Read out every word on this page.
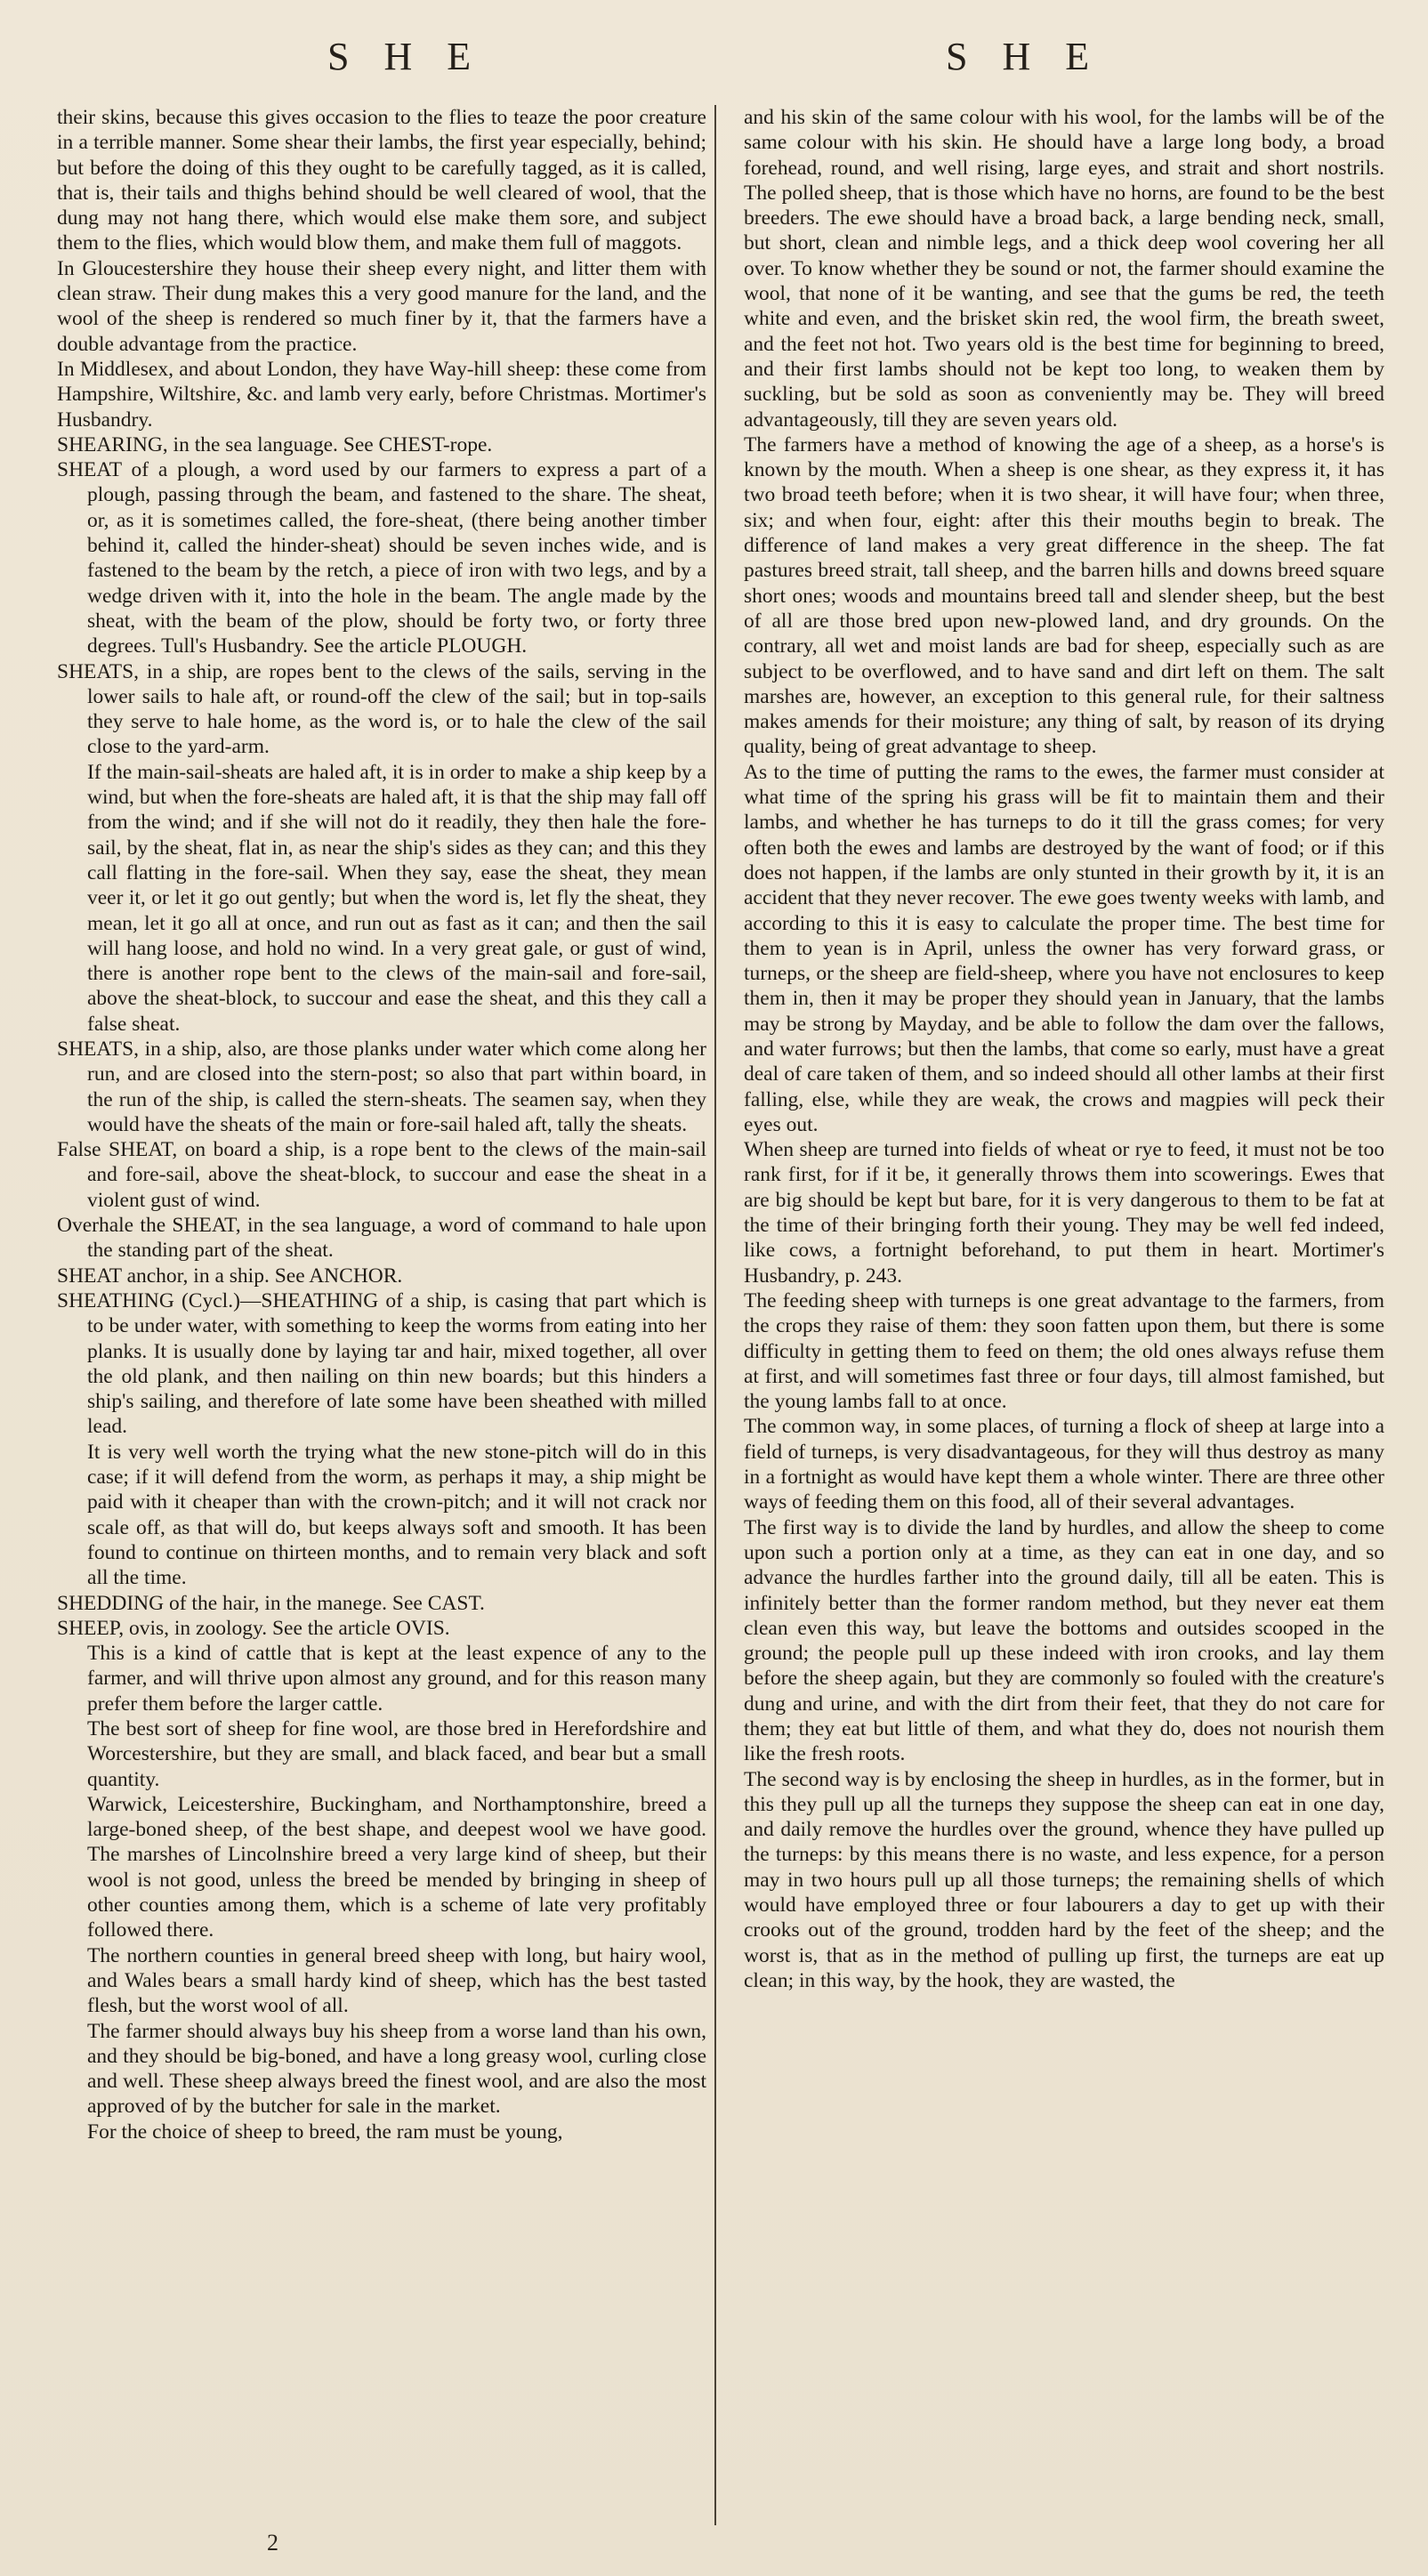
S H E	S H E

their skins, because this gives occasion to the flies to teaze the poor creature in a terrible manner. Some shear their lambs, the first year especially, behind; but before the doing of this they ought to be carefully tagged, as it is called, that is, their tails and thighs behind should be well cleared of wool, that the dung may not hang there, which would else make them sore, and subject them to the flies, which would blow them, and make them full of maggots.

In Gloucestershire they house their sheep every night, and litter them with clean straw. Their dung makes this a very good manure for the land, and the wool of the sheep is rendered so much finer by it, that the farmers have a double advantage from the practice.

In Middlesex, and about London, they have Way-hill sheep: these come from Hampshire, Wiltshire, &c. and lamb very early, before Christmas. Mortimer's Husbandry.

SHEARING, in the sea language. See CHEST-rope.

SHEAT of a plough, a word used by our farmers to express a part of a plough, passing through the beam, and fastened to the share. The sheat, or, as it is sometimes called, the fore-sheat, (there being another timber behind it, called the hinder-sheat) should be seven inches wide, and is fastened to the beam by the retch, a piece of iron with two legs, and by a wedge driven with it, into the hole in the beam. The angle made by the sheat, with the beam of the plow, should be forty two, or forty three degrees. Tull's Husbandry. See the article PLOUGH.

SHEATS, in a ship, are ropes bent to the clews of the sails, serving in the lower sails to hale aft, or round-off the clew of the sail; but in top-sails they serve to hale home, as the word is, or to hale the clew of the sail close to the yard-arm.

If the main-sail-sheats are haled aft, it is in order to make a ship keep by a wind, but when the fore-sheats are haled aft, it is that the ship may fall off from the wind; and if she will not do it readily, they then hale the fore-sail, by the sheat, flat in, as near the ship's sides as they can; and this they call flatting in the fore-sail. When they say, ease the sheat, they mean veer it, or let it go out gently; but when the word is, let fly the sheat, they mean, let it go all at once, and run out as fast as it can; and then the sail will hang loose, and hold no wind. In a very great gale, or gust of wind, there is another rope bent to the clews of the main-sail and fore-sail, above the sheat-block, to succour and ease the sheat, and this they call a false sheat.

SHEATS, in a ship, also, are those planks under water which come along her run, and are closed into the stern-post; so also that part within board, in the run of the ship, is called the stern-sheats. The seamen say, when they would have the sheats of the main or fore-sail haled aft, tally the sheats.

False SHEAT, on board a ship, is a rope bent to the clews of the main-sail and fore-sail, above the sheat-block, to succour and ease the sheat in a violent gust of wind.

Overhale the SHEAT, in the sea language, a word of command to hale upon the standing part of the sheat.

SHEAT anchor, in a ship. See ANCHOR.

SHEATHING (Cycl.)—SHEATHING of a ship, is casing that part which is to be under water, with something to keep the worms from eating into her planks. It is usually done by laying tar and hair, mixed together, all over the old plank, and then nailing on thin new boards; but this hinders a ship's sailing, and therefore of late some have been sheathed with milled lead.

It is very well worth the trying what the new stone-pitch will do in this case; if it will defend from the worm, as perhaps it may, a ship might be paid with it cheaper than with the crown-pitch; and it will not crack nor scale off, as that will do, but keeps always soft and smooth. It has been found to continue on thirteen months, and to remain very black and soft all the time.

SHEDDING of the hair, in the manege. See CAST.

SHEEP, ovis, in zoology. See the article OVIS.

This is a kind of cattle that is kept at the least expence of any to the farmer, and will thrive upon almost any ground, and for this reason many prefer them before the larger cattle.

The best sort of sheep for fine wool, are those bred in Herefordshire and Worcestershire, but they are small, and black faced, and bear but a small quantity.

Warwick, Leicestershire, Buckingham, and Northamptonshire, breed a large-boned sheep, of the best shape, and deepest wool we have good. The marshes of Lincolnshire breed a very large kind of sheep, but their wool is not good, unless the breed be mended by bringing in sheep of other counties among them, which is a scheme of late very profitably followed there.

The northern counties in general breed sheep with long, but hairy wool, and Wales bears a small hardy kind of sheep, which has the best tasted flesh, but the worst wool of all.

The farmer should always buy his sheep from a worse land than his own, and they should be big-boned, and have a long greasy wool, curling close and well. These sheep always breed the finest wool, and are also the most approved of by the butcher for sale in the market.

For the choice of sheep to breed, the ram must be young,

and his skin of the same colour with his wool, for the lambs will be of the same colour with his skin. He should have a large long body, a broad forehead, round, and well rising, large eyes, and strait and short nostrils. The polled sheep, that is those which have no horns, are found to be the best breeders. The ewe should have a broad back, a large bending neck, small, but short, clean and nimble legs, and a thick deep wool covering her all over. To know whether they be sound or not, the farmer should examine the wool, that none of it be wanting, and see that the gums be red, the teeth white and even, and the brisket skin red, the wool firm, the breath sweet, and the feet not hot. Two years old is the best time for beginning to breed, and their first lambs should not be kept too long, to weaken them by suckling, but be sold as soon as conveniently may be. They will breed advantageously, till they are seven years old.

The farmers have a method of knowing the age of a sheep, as a horse's is known by the mouth. When a sheep is one shear, as they express it, it has two broad teeth before; when it is two shear, it will have four; when three, six; and when four, eight: after this their mouths begin to break. The difference of land makes a very great difference in the sheep. The fat pastures breed strait, tall sheep, and the barren hills and downs breed square short ones; woods and mountains breed tall and slender sheep, but the best of all are those bred upon new-plowed land, and dry grounds. On the contrary, all wet and moist lands are bad for sheep, especially such as are subject to be overflowed, and to have sand and dirt left on them. The salt marshes are, however, an exception to this general rule, for their saltness makes amends for their moisture; any thing of salt, by reason of its drying quality, being of great advantage to sheep.

As to the time of putting the rams to the ewes, the farmer must consider at what time of the spring his grass will be fit to maintain them and their lambs, and whether he has turneps to do it till the grass comes; for very often both the ewes and lambs are destroyed by the want of food; or if this does not happen, if the lambs are only stunted in their growth by it, it is an accident that they never recover. The ewe goes twenty weeks with lamb, and according to this it is easy to calculate the proper time. The best time for them to yean is in April, unless the owner has very forward grass, or turneps, or the sheep are field-sheep, where you have not enclosures to keep them in, then it may be proper they should yean in January, that the lambs may be strong by Mayday, and be able to follow the dam over the fallows, and water furrows; but then the lambs, that come so early, must have a great deal of care taken of them, and so indeed should all other lambs at their first falling, else, while they are weak, the crows and magpies will peck their eyes out.

When sheep are turned into fields of wheat or rye to feed, it must not be too rank first, for if it be, it generally throws them into scowerings. Ewes that are big should be kept but bare, for it is very dangerous to them to be fat at the time of their bringing forth their young. They may be well fed indeed, like cows, a fortnight beforehand, to put them in heart. Mortimer's Husbandry, p. 243.

The feeding sheep with turneps is one great advantage to the farmers, from the crops they raise of them: they soon fatten upon them, but there is some difficulty in getting them to feed on them; the old ones always refuse them at first, and will sometimes fast three or four days, till almost famished, but the young lambs fall to at once.

The common way, in some places, of turning a flock of sheep at large into a field of turneps, is very disadvantageous, for they will thus destroy as many in a fortnight as would have kept them a whole winter. There are three other ways of feeding them on this food, all of their several advantages.

The first way is to divide the land by hurdles, and allow the sheep to come upon such a portion only at a time, as they can eat in one day, and so advance the hurdles farther into the ground daily, till all be eaten. This is infinitely better than the former random method, but they never eat them clean even this way, but leave the bottoms and outsides scooped in the ground; the people pull up these indeed with iron crooks, and lay them before the sheep again, but they are commonly so fouled with the creature's dung and urine, and with the dirt from their feet, that they do not care for them; they eat but little of them, and what they do, does not nourish them like the fresh roots.

The second way is by enclosing the sheep in hurdles, as in the former, but in this they pull up all the turneps they suppose the sheep can eat in one day, and daily remove the hurdles over the ground, whence they have pulled up the turneps: by this means there is no waste, and less expence, for a person may in two hours pull up all those turneps; the remaining shells of which would have employed three or four labourers a day to get up with their crooks out of the ground, trodden hard by the feet of the sheep; and the worst is, that as in the method of pulling up first, the turneps are eat up clean; in this way, by the hook, they are wasted, the

2
